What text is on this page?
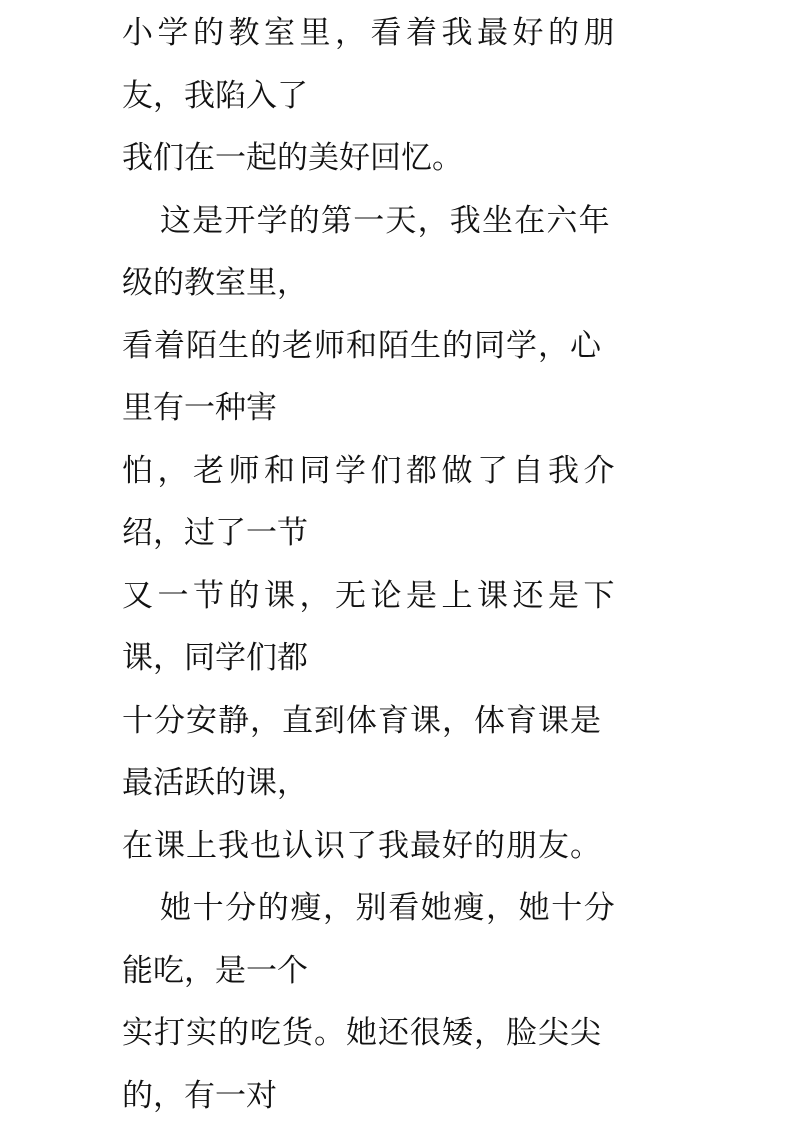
小学的教室里，看着我最好的朋
友，我陷入了
我们在一起的美好回忆。
这是开学的第一天，我坐在六年
级的教室里，
看着陌生的老师和陌生的同学，心
里有一种害
怕，老师和同学们都做了自我介
绍，过了一节
又一节的课，无论是上课还是下
课，同学们都
十分安静，直到体育课，体育课是
最活跃的课，
在课上我也认识了我最好的朋友。
她十分的瘦，别看她瘦，她十分
能吃，是一个
实打实的吃货。她还很矮，脸尖尖
的，有一对
